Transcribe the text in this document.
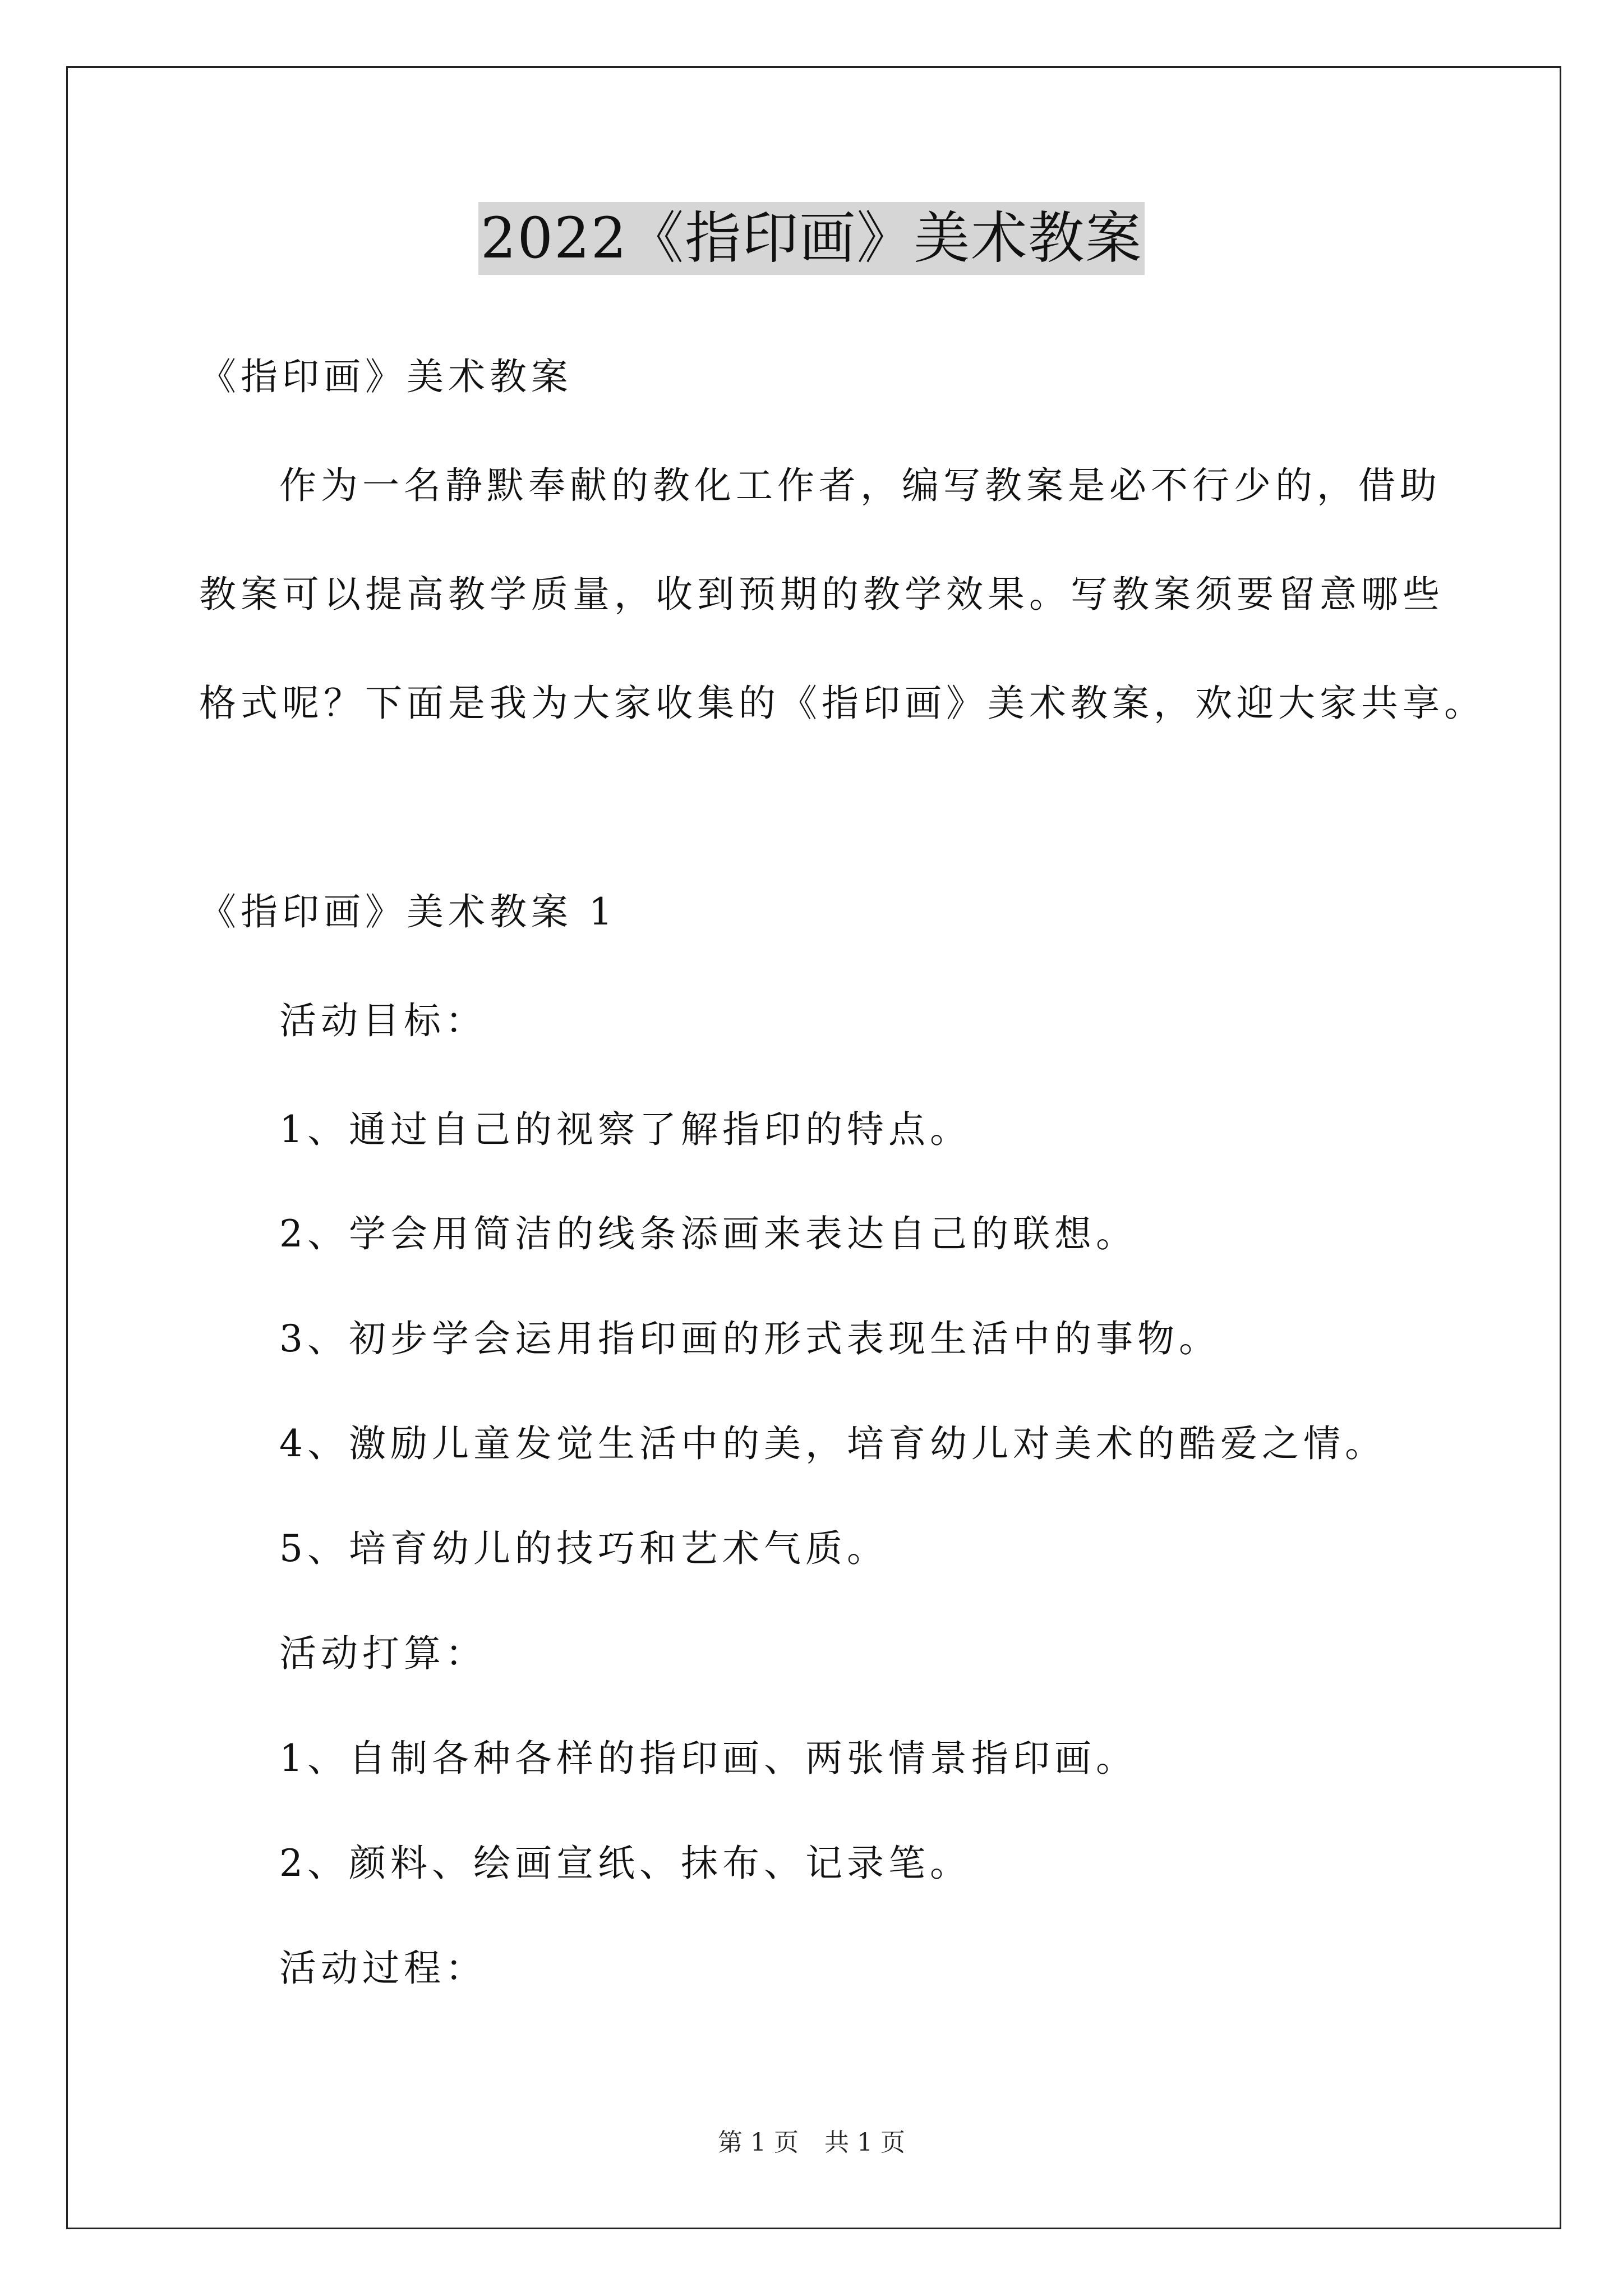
2022《指印画》美术教案
《指印画》美术教案
作为一名静默奉献的教化工作者，编写教案是必不行少的，借助
教案可以提高教学质量，收到预期的教学效果。写教案须要留意哪些
格式呢？下面是我为大家收集的《指印画》美术教案，欢迎大家共享。
《指印画》美术教案 1
活动目标：
1、通过自己的视察了解指印的特点。
2、学会用简洁的线条添画来表达自己的联想。
3、初步学会运用指印画的形式表现生活中的事物。
4、激励儿童发觉生活中的美，培育幼儿对美术的酷爱之情。
5、培育幼儿的技巧和艺术气质。
活动打算：
1、自制各种各样的指印画、两张情景指印画。
2、颜料、绘画宣纸、抹布、记录笔。
活动过程：
第 1 页 共 1 页
